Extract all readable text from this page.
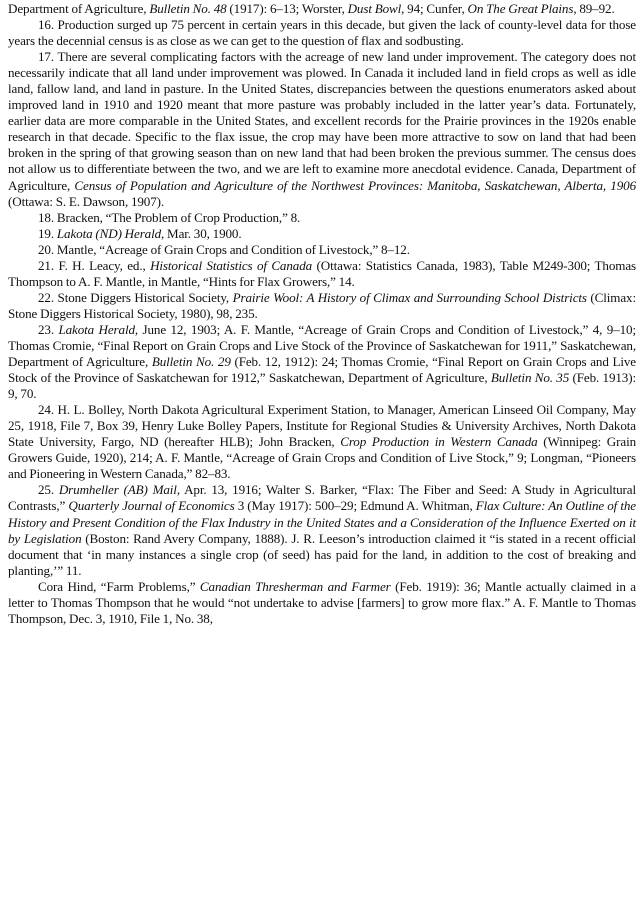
Department of Agriculture, Bulletin No. 48 (1917): 6–13; Worster, Dust Bowl, 94; Cunfer, On The Great Plains, 89–92.

16. Production surged up 75 percent in certain years in this decade, but given the lack of county-level data for those years the decennial census is as close as we can get to the question of flax and sodbusting.

17. There are several complicating factors with the acreage of new land under improvement. The category does not necessarily indicate that all land under improvement was plowed. In Canada it included land in field crops as well as idle land, fallow land, and land in pasture. In the United States, discrepancies between the questions enumerators asked about improved land in 1910 and 1920 meant that more pasture was probably included in the latter year’s data. Fortunately, earlier data are more comparable in the United States, and excellent records for the Prairie provinces in the 1920s enable research in that decade. Specific to the flax issue, the crop may have been more attractive to sow on land that had been broken in the spring of that growing season than on new land that had been broken the previous summer. The census does not allow us to differentiate between the two, and we are left to examine more anecdotal evidence. Canada, Department of Agriculture, Census of Population and Agriculture of the Northwest Provinces: Manitoba, Saskatchewan, Alberta, 1906 (Ottawa: S. E. Dawson, 1907).

18. Bracken, “The Problem of Crop Production,” 8.

19. Lakota (ND) Herald, Mar. 30, 1900.

20. Mantle, “Acreage of Grain Crops and Condition of Livestock,” 8–12.

21. F. H. Leacy, ed., Historical Statistics of Canada (Ottawa: Statistics Canada, 1983), Table M249-300; Thomas Thompson to A. F. Mantle, in Mantle, “Hints for Flax Growers,” 14.

22. Stone Diggers Historical Society, Prairie Wool: A History of Climax and Surrounding School Districts (Climax: Stone Diggers Historical Society, 1980), 98, 235.

23. Lakota Herald, June 12, 1903; A. F. Mantle, “Acreage of Grain Crops and Condition of Livestock,” 4, 9–10; Thomas Cromie, “Final Report on Grain Crops and Live Stock of the Province of Saskatchewan for 1911,” Saskatchewan, Department of Agriculture, Bulletin No. 29 (Feb. 12, 1912): 24; Thomas Cromie, “Final Report on Grain Crops and Live Stock of the Province of Saskatchewan for 1912,” Saskatchewan, Department of Agriculture, Bulletin No. 35 (Feb. 1913): 9, 70.

24. H. L. Bolley, North Dakota Agricultural Experiment Station, to Manager, American Linseed Oil Company, May 25, 1918, File 7, Box 39, Henry Luke Bolley Papers, Institute for Regional Studies & University Archives, North Dakota State University, Fargo, ND (hereafter HLB); John Bracken, Crop Production in Western Canada (Winnipeg: Grain Growers Guide, 1920), 214; A. F. Mantle, “Acreage of Grain Crops and Condition of Live Stock,” 9; Longman, “Pioneers and Pioneering in Western Canada,” 82–83.

25. Drumheller (AB) Mail, Apr. 13, 1916; Walter S. Barker, “Flax: The Fiber and Seed: A Study in Agricultural Contrasts,” Quarterly Journal of Economics 3 (May 1917): 500–29; Edmund A. Whitman, Flax Culture: An Outline of the History and Present Condition of the Flax Industry in the United States and a Consideration of the Influence Exerted on it by Legislation (Boston: Rand Avery Company, 1888). J. R. Leeson’s introduction claimed it “is stated in a recent official document that ‘in many instances a single crop (of seed) has paid for the land, in addition to the cost of breaking and planting,’” 11.

Cora Hind, “Farm Problems,” Canadian Thresherman and Farmer (Feb. 1919): 36; Mantle actually claimed in a letter to Thomas Thompson that he would “not undertake to advise [farmers] to grow more flax.” A. F. Mantle to Thomas Thompson, Dec. 3, 1910, File 1, No. 38,
